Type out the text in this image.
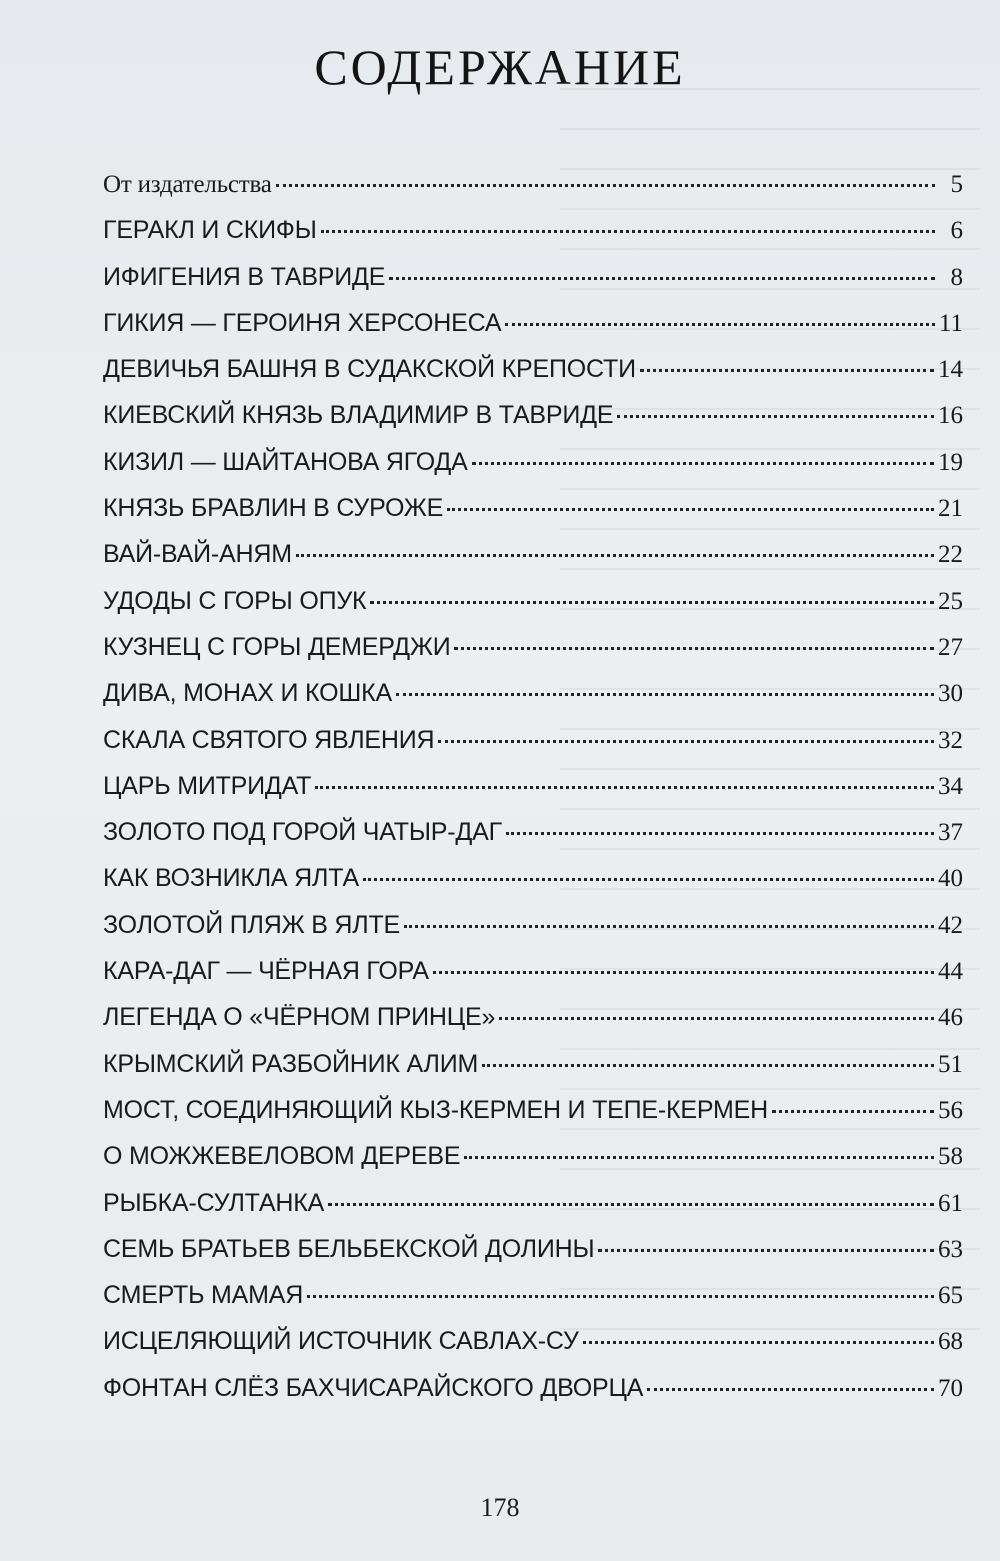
СОДЕРЖАНИЕ
От издательства	5
ГЕРАКЛ И СКИФЫ	6
ИФИГЕНИЯ В ТАВРИДЕ	8
ГИКИЯ — ГЕРОИНЯ ХЕРСОНЕСА	11
ДЕВИЧЬЯ БАШНЯ В СУДАКСКОЙ КРЕПОСТИ	14
КИЕВСКИЙ КНЯЗЬ ВЛАДИМИР В ТАВРИДЕ	16
КИЗИЛ — ШАЙТАНОВА ЯГОДА	19
КНЯЗЬ БРАВЛИН В СУРОЖЕ	21
ВАЙ-ВАЙ-АНЯМ	22
УДОДЫ С ГОРЫ ОПУК	25
КУЗНЕЦ С ГОРЫ ДЕМЕРДЖИ	27
ДИВА, МОНАХ И КОШКА	30
СКАЛА СВЯТОГО ЯВЛЕНИЯ	32
ЦАРЬ МИТРИДАТ	34
ЗОЛОТО ПОД ГОРОЙ ЧАТЫР-ДАГ	37
КАК ВОЗНИКЛА ЯЛТА	40
ЗОЛОТОЙ ПЛЯЖ В ЯЛТЕ	42
КАРА-ДАГ — ЧЁРНАЯ ГОРА	44
ЛЕГЕНДА О «ЧЁРНОМ ПРИНЦЕ»	46
КРЫМСКИЙ РАЗБОЙНИК АЛИМ	51
МОСТ, СОЕДИНЯЮЩИЙ КЫЗ-КЕРМЕН И ТЕПЕ-КЕРМЕН	56
О МОЖЖЕВЕЛОВОМ ДЕРЕВЕ	58
РЫБКА-СУЛТАНКА	61
СЕМЬ БРАТЬЕВ БЕЛЬБЕКСКОЙ ДОЛИНЫ	63
СМЕРТЬ МАМАЯ	65
ИСЦЕЛЯЮЩИЙ ИСТОЧНИК САВЛАХ-СУ	68
ФОНТАН СЛЁЗ БАХЧИСАРАЙСКОГО ДВОРЦА	70
178
